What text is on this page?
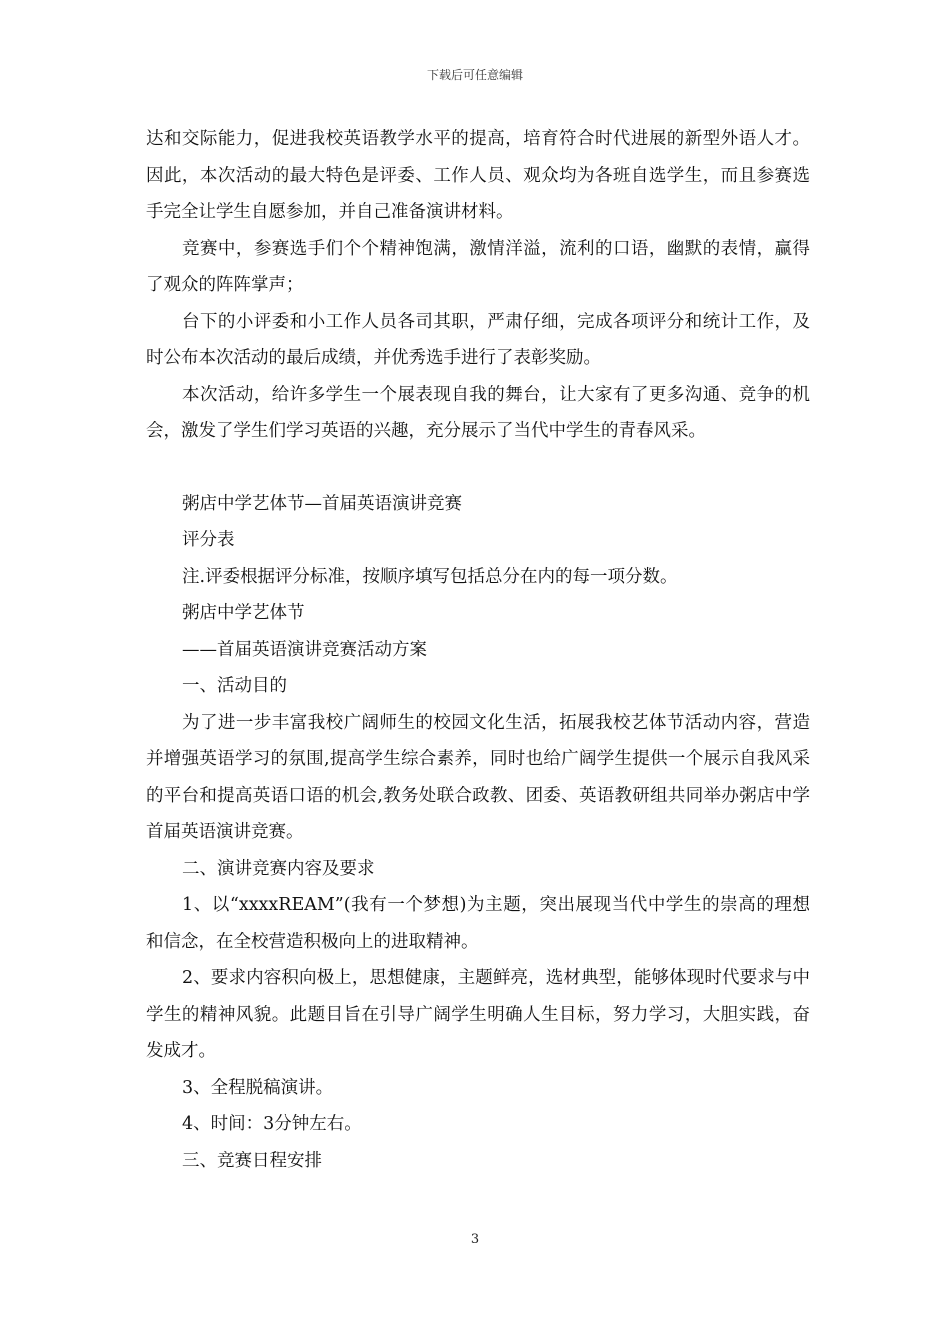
下载后可任意编辑

达和交际能力，促进我校英语教学水平的提高，培育符合时代进展的新型外语人才。因此，本次活动的最大特色是评委、工作人员、观众均为各班自选学生，而且参赛选手完全让学生自愿参加，并自己准备演讲材料。

竞赛中，参赛选手们个个精神饱满，激情洋溢，流利的口语，幽默的表情，赢得了观众的阵阵掌声；

台下的小评委和小工作人员各司其职，严肃仔细，完成各项评分和统计工作，及时公布本次活动的最后成绩，并优秀选手进行了表彰奖励。

本次活动，给许多学生一个展表现自我的舞台，让大家有了更多沟通、竞争的机会，激发了学生们学习英语的兴趣，充分展示了当代中学生的青春风采。

粥店中学艺体节—首届英语演讲竞赛

评分表

注.评委根据评分标准，按顺序填写包括总分在内的每一项分数。

粥店中学艺体节

——首届英语演讲竞赛活动方案

一、活动目的

为了进一步丰富我校广阔师生的校园文化生活，拓展我校艺体节活动内容，营造并增强英语学习的氛围,提高学生综合素养，同时也给广阔学生提供一个展示自我风采的平台和提高英语口语的机会,教务处联合政教、团委、英语教研组共同举办粥店中学首届英语演讲竞赛。

二、演讲竞赛内容及要求

1、以“xxxxREAM”(我有一个梦想)为主题，突出展现当代中学生的崇高的理想和信念，在全校营造积极向上的进取精神。

2、要求内容积向极上，思想健康，主题鲜亮，选材典型，能够体现时代要求与中学生的精神风貌。此题目旨在引导广阔学生明确人生目标，努力学习，大胆实践，奋发成才。

3、全程脱稿演讲。

4、时间：3分钟左右。

三、竞赛日程安排

3
